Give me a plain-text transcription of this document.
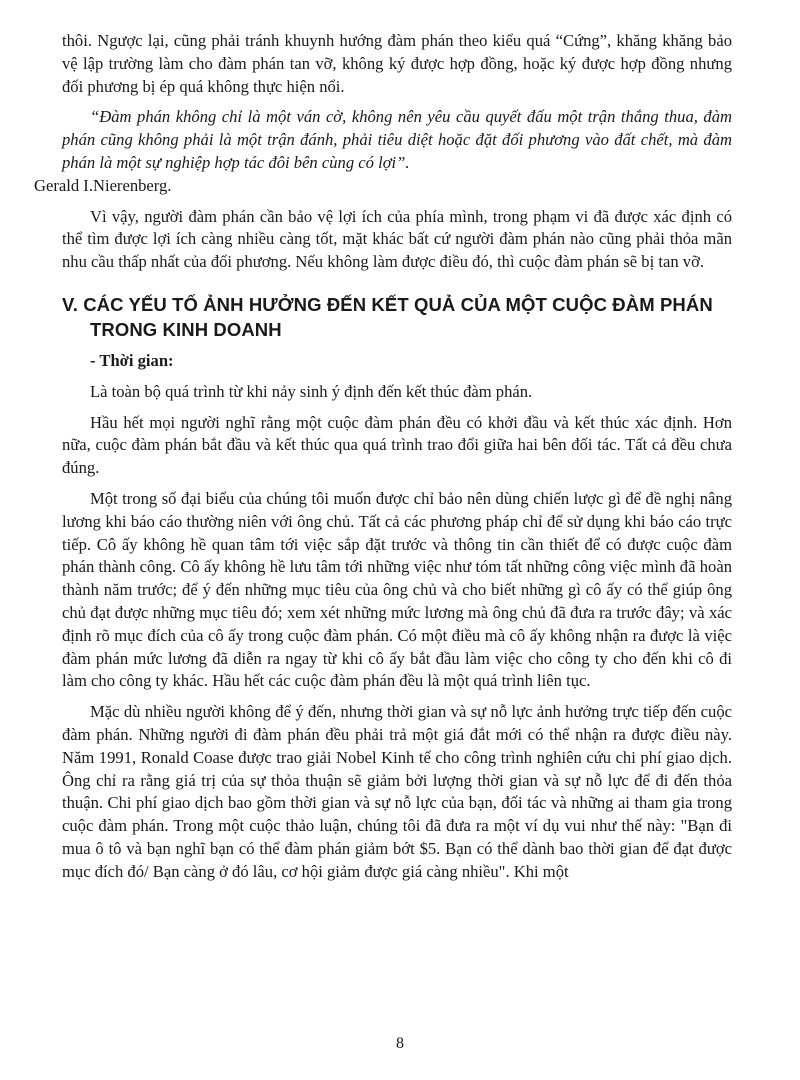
thôi. Ngược lại, cũng phải tránh khuynh hướng đàm phán theo kiểu quá “Cứng”, khăng khăng bảo vệ lập trường làm cho đàm phán tan vỡ, không ký được hợp đồng, hoặc ký được hợp đồng nhưng đối phương bị ép quá không thực hiện nổi.

“Đàm phán không chỉ là một ván cờ, không nên yêu cầu quyết đấu một trận thắng thua, đàm phán cũng không phải là một trận đánh, phải tiêu diệt hoặc đặt đối phương vào đất chết, mà đàm phán là một sự nghiệp hợp tác đôi bên cùng có lợi”.
Gerald I.Nierenberg.

Vì vậy, người đàm phán cần bảo vệ lợi ích của phía mình, trong phạm vi đã được xác định có thể tìm được lợi ích càng nhiều càng tốt, mặt khác bất cứ người đàm phán nào cũng phải thỏa mãn nhu cầu thấp nhất của đối phương. Nếu không làm được điều đó, thì cuộc đàm phán sẽ bị tan vỡ.

V. CÁC YẾU TỐ ẢNH HƯỞNG ĐẾN KẾT QUẢ CỦA MỘT CUỘC ĐÀM PHÁN TRONG KINH DOANH

- Thời gian:

Là toàn bộ quá trình từ khi nảy sinh ý định đến kết thúc đàm phán.

Hầu hết mọi người nghĩ rằng một cuộc đàm phán đều có khởi đầu và kết thúc xác định. Hơn nữa, cuộc đàm phán bắt đầu và kết thúc qua quá trình trao đổi giữa hai bên đối tác. Tất cả đều chưa đúng.

Một trong số đại biểu của chúng tôi muốn được chỉ bảo nên dùng chiến lược gì để đề nghị nâng lương khi báo cáo thường niên với ông chủ. Tất cả các phương pháp chỉ để sử dụng khi báo cáo trực tiếp. Cô ấy không hề quan tâm tới việc sắp đặt trước và thông tin cần thiết để có được cuộc đàm phán thành công. Cô ấy không hề lưu tâm tới những việc như tóm tất những công việc mình đã hoàn thành năm trước; để ý đến những mục tiêu của ông chủ và cho biết những gì cô ấy có thể giúp ông chủ đạt được những mục tiêu đó; xem xét những mức lương mà ông chủ đã đưa ra trước đây; và xác định rõ mục đích của cô ấy trong cuộc đàm phán. Có một điều mà cô ấy không nhận ra được là việc đàm phán mức lương đã diễn ra ngay từ khi cô ấy bắt đầu làm việc cho công ty cho đến khi cô đi làm cho công ty khác. Hầu hết các cuộc đàm phán đều là một quá trình liên tục.

Mặc dù nhiều người không để ý đến, nhưng thời gian và sự nỗ lực ảnh hưởng trực tiếp đến cuộc đàm phán. Những người đi đàm phán đều phải trả một giá đắt mới có thể nhận ra được điều này. Năm 1991, Ronald Coase được trao giải Nobel Kinh tế cho công trình nghiên cứu chi phí giao dịch. Ông chỉ ra rằng giá trị của sự thỏa thuận sẽ giảm bởi lượng thời gian và sự nỗ lực để đi đến thỏa thuận. Chi phí giao dịch bao gồm thời gian và sự nỗ lực của bạn, đối tác và những ai tham gia trong cuộc đàm phán. Trong một cuộc thảo luận, chúng tôi đã đưa ra một ví dụ vui như thế này: "Bạn đi mua ô tô và bạn nghĩ bạn có thể đàm phán giảm bớt $5. Bạn có thể dành bao thời gian để đạt được mục đích đó/ Bạn càng ở đó lâu, cơ hội giảm được giá càng nhiều". Khi một

8
